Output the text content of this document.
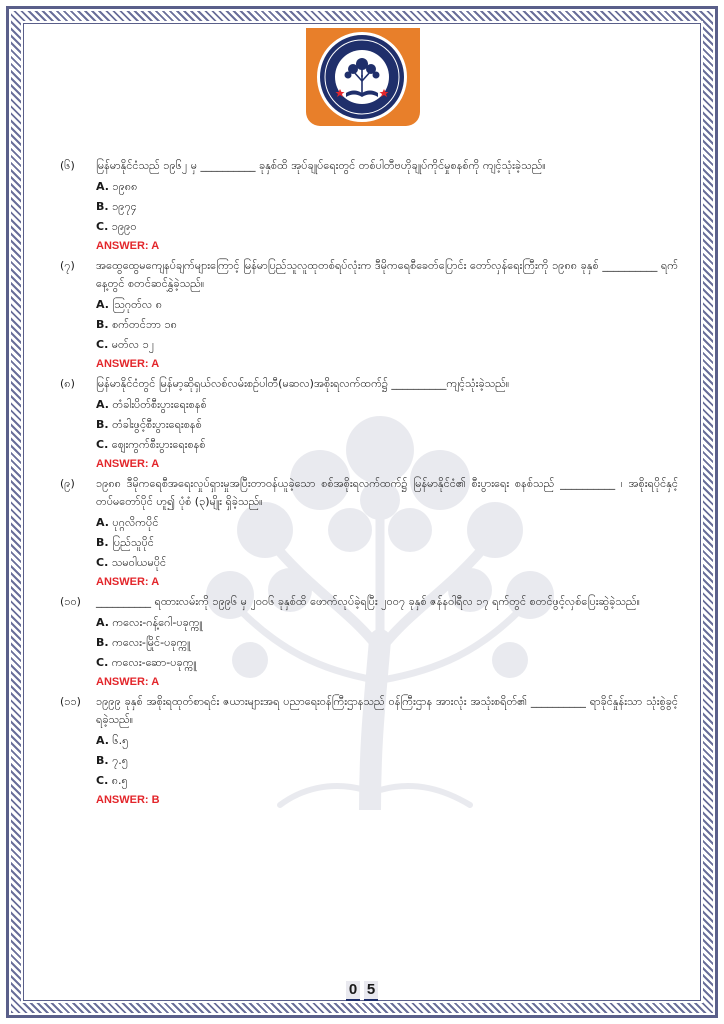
(၆)	မြန်မာနိုင်ငံသည် ၁၉၆၂ မှ __________ ခုနှစ်ထိ အုပ်ချုပ်ရေးတွင် တစ်ပါတီဗဟိုချုပ်ကိုင်မှုစနစ်ကို ကျင့်သုံးခဲ့သည်။
A. ၁၉၈၈
B. ၁၉၇၄
C. ၁၉၉၀
ANSWER: A
(၇)	အထွေထွေမကျေနပ်ချက်များကြောင့် မြန်မာပြည်သူလူထုတစ်ရပ်လုံးက ဒီမိုကရေစီခေတ်ပြောင်း တော်လှန်ရေးကြီးကို ၁၉၈၈ ခုနှစ် __________ ရက်နေ့တွင် စတင်ဆင်နွှဲခဲ့သည်။
A. ဩဂုတ်လ ၈
B. စက်တင်ဘာ ၁၈
C. မတ်လ ၁၂
ANSWER: A
(၈)	မြန်မာနိုင်ငံတွင် မြန်မာ့ဆိုရှယ်လစ်လမ်းစဉ်ပါတီ(မဆလ)အစိုးရလက်ထက်၌ __________ကျင့်သုံးခဲ့သည်။
A. တံခါးပိတ်စီးပွားရေးစနစ်
B. တံခါးဖွင့်စီးပွားရေးစနစ်
C. ဈေးကွက်စီးပွားရေးစနစ်
ANSWER: A
(၉)	၁၉၈၈ ဒီမိုကရေစီအရေးလှုပ်ရှားမှုအပြီးတာဝန်ယူခဲ့သော စစ်အစိုးရလက်ထက်၌ မြန်မာနိုင်ငံ၏ စီးပွားရေး စနစ်သည် __________ ၊ အစိုးရပိုင်နှင့် တပ်မတော်ပိုင် ဟူ၍ ပုံစံ (၃)မျိုး ရှိခဲ့သည်။
A. ပုဂ္ဂလိကပိုင်
B. ပြည်သူပိုင်
C. သမဝါယမပိုင်
ANSWER: A
(၁၀)	__________ ရထားလမ်းကို ၁၉၉၆ မှ ၂၀၀၆ ခုနှစ်ထိ ဖောက်လုပ်ခဲ့ရပြီး ၂၀၀၇ ခုနှစ် ဇန်နဝါရီလ ၁၇ ရက်တွင် စတင်ဖွင့်လှစ်ပြေးဆွဲခဲ့သည်။
A. ကလေး-ဂန့်ဂေါ-ပခုက္ကူ
B. ကလေး-မြိုင်-ပခုက္ကူ
C. ကလေး-ဆော-ပခုက္ကူ
ANSWER: A
(၁၁)	၁၉၉၉ ခုနှစ် အစိုးရထုတ်စာရင်း ဇယားများအရ ပညာရေးဝန်ကြီးဌာနသည် ဝန်ကြီးဌာန အားလုံး အသုံးစရိတ်၏ __________ ရာခိုင်နှုန်းသာ သုံးစွဲခွင့်ရခဲ့သည်။
A. ၆.၅
B. ၇.၅
C. ၈.၅
ANSWER: B
0 5
